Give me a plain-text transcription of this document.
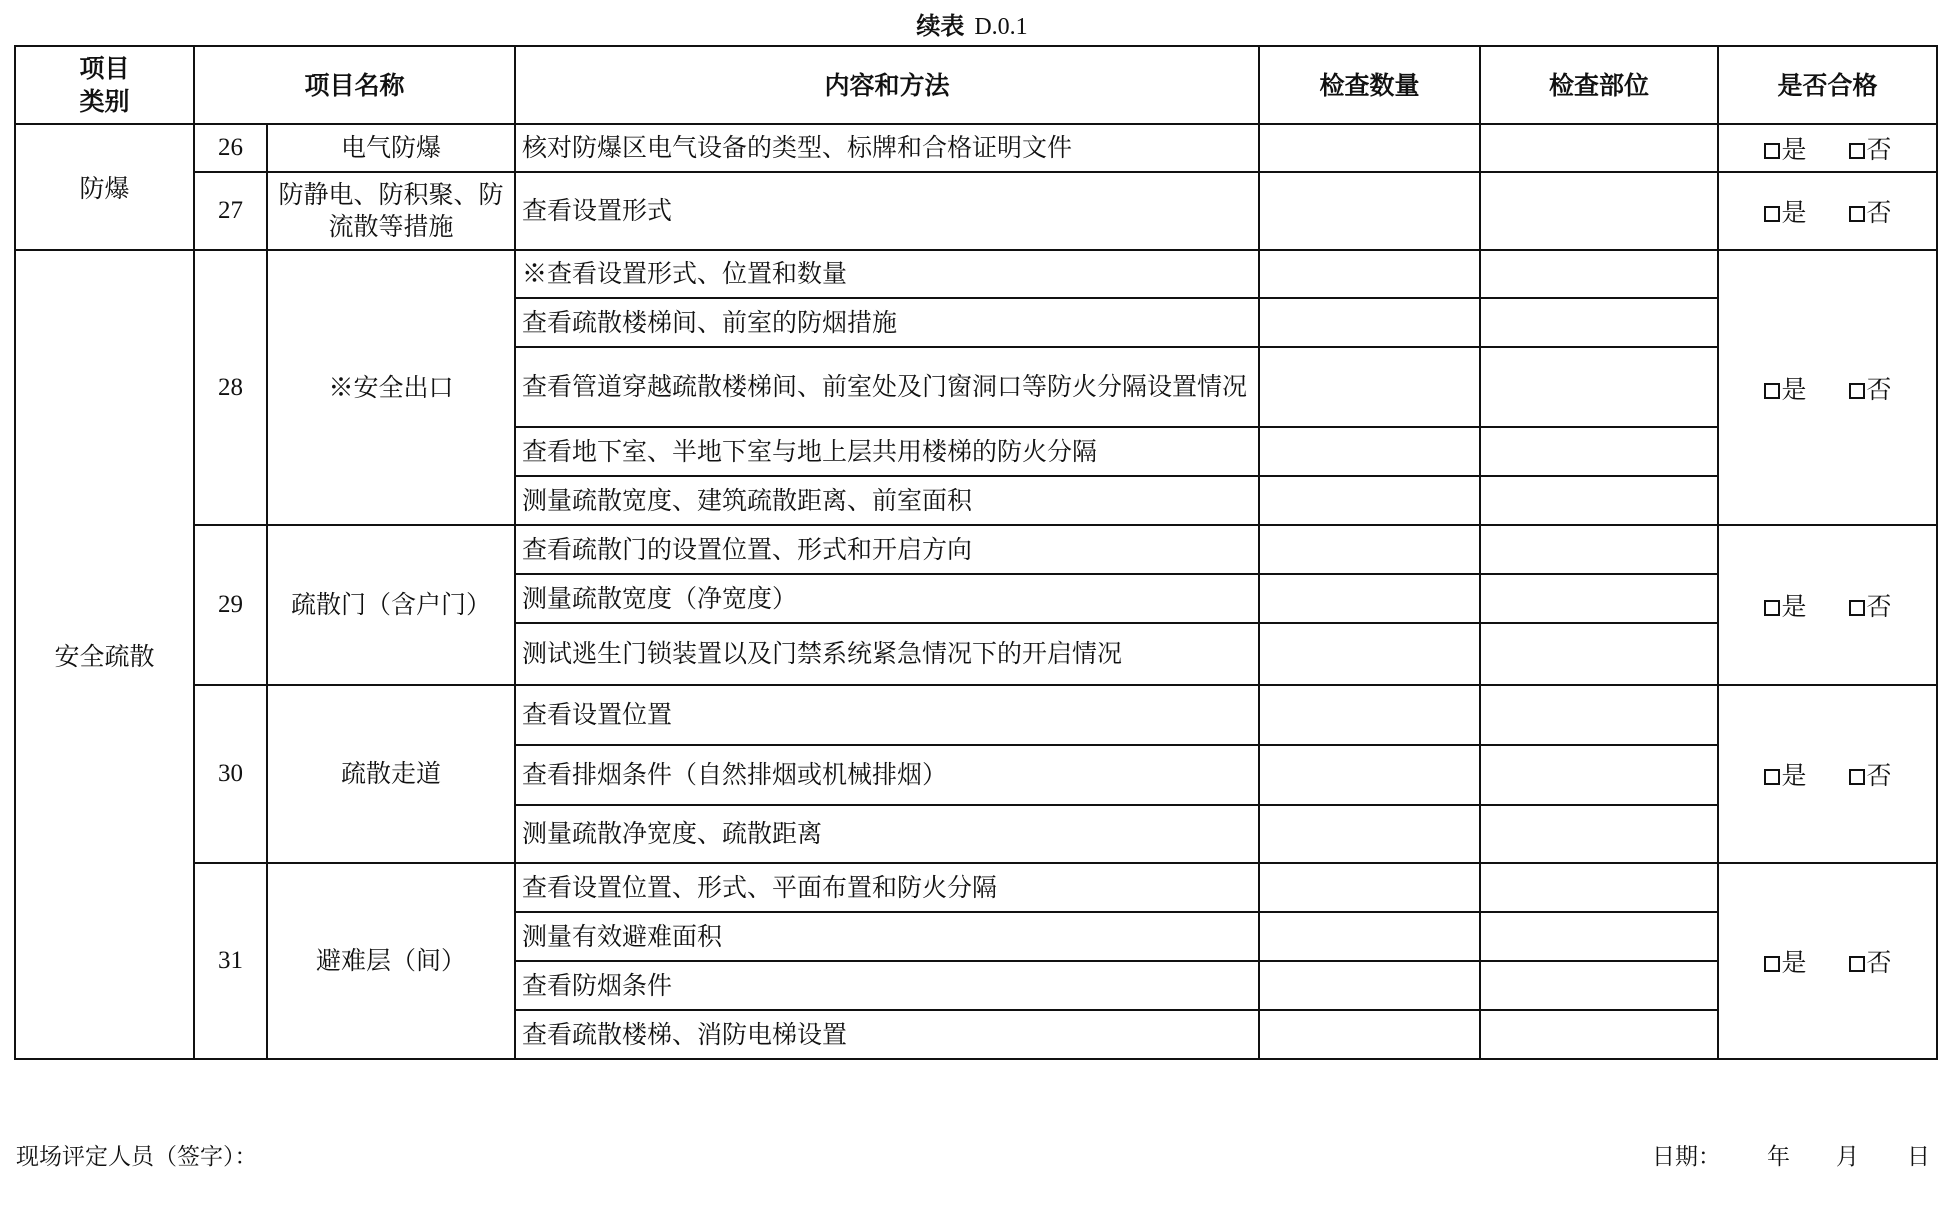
续表 D.0.1
项目类别	项目名称		内容和方法	检查数量	检查部位	是否合格
防爆	26	电气防爆	核对防爆区电气设备的类型、标牌和合格证明文件			是 否
	27	防静电、防积聚、防流散等措施	查看设置形式			是 否
安全疏散	28	※安全出口	※查看设置形式、位置和数量			是 否
			查看疏散楼梯间、前室的防烟措施			
			查看管道穿越疏散楼梯间、前室处及门窗洞口等防火分隔设置情况			
			查看地下室、半地下室与地上层共用楼梯的防火分隔			
			测量疏散宽度、建筑疏散距离、前室面积			
	29	疏散门（含户门）	查看疏散门的设置位置、形式和开启方向			是 否
			测量疏散宽度（净宽度）			
			测试逃生门锁装置以及门禁系统紧急情况下的开启情况			
	30	疏散走道	查看设置位置			是 否
			查看排烟条件（自然排烟或机械排烟）			
			测量疏散净宽度、疏散距离			
	31	避难层（间）	查看设置位置、形式、平面布置和防火分隔			是 否
			测量有效避难面积			
			查看防烟条件			
			查看疏散楼梯、消防电梯设置			
现场评定人员（签字）：	日期： 年 月 日
